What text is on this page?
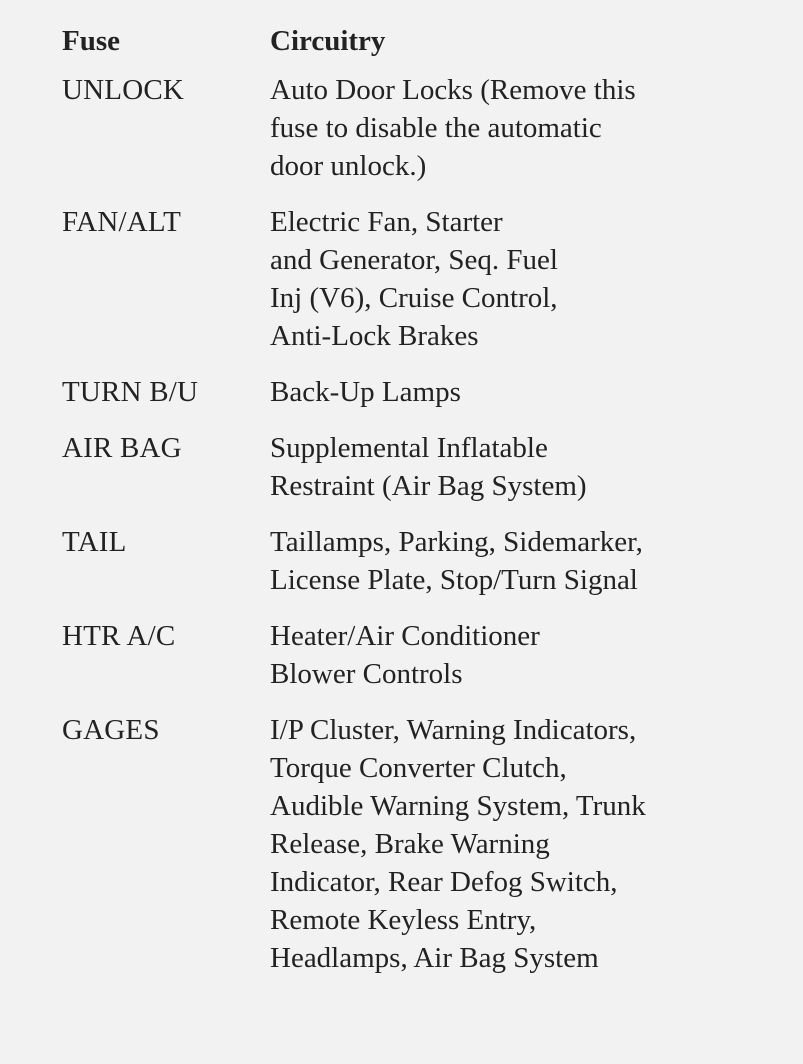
Fuse	Circuitry
UNLOCK	Auto Door Locks (Remove this
fuse to disable the automatic
door unlock.)
FAN/ALT	Electric Fan, Starter
and Generator, Seq. Fuel
Inj (V6), Cruise Control,
Anti-Lock Brakes
TURN B/U	Back-Up Lamps
AIR BAG	Supplemental Inflatable
Restraint (Air Bag System)
TAIL	Taillamps, Parking, Sidemarker,
License Plate, Stop/Turn Signal
HTR A/C	Heater/Air Conditioner
Blower Controls
GAGES	I/P Cluster, Warning Indicators,
Torque Converter Clutch,
Audible Warning System, Trunk
Release, Brake Warning
Indicator, Rear Defog Switch,
Remote Keyless Entry,
Headlamps, Air Bag System
